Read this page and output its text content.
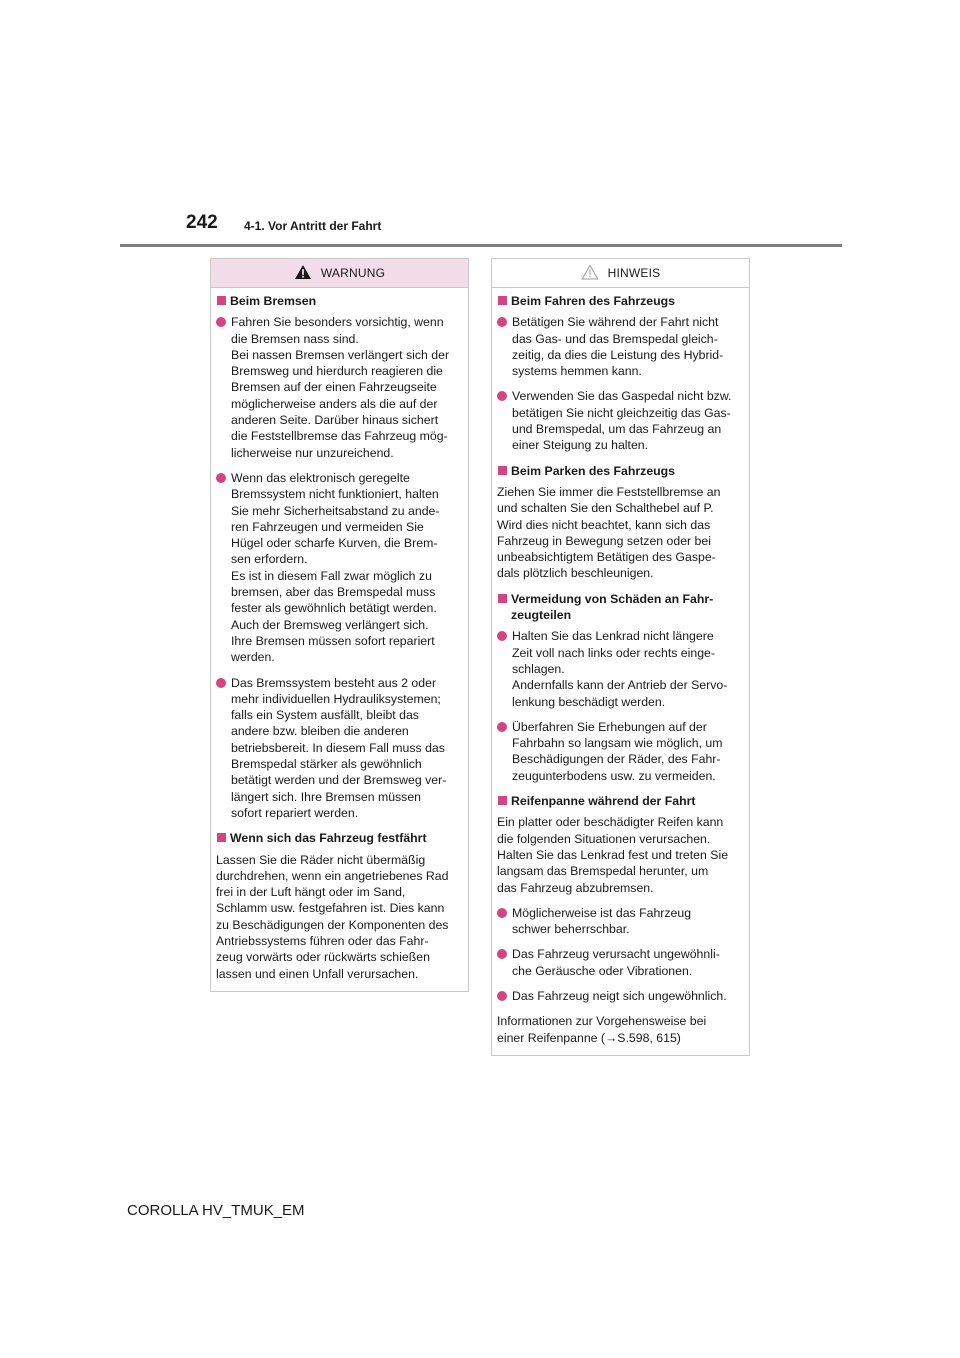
242 4-1. Vor Antritt der Fahrt
WARNUNG
Beim Bremsen
Fahren Sie besonders vorsichtig, wenn
die Bremsen nass sind.
Bei nassen Bremsen verlängert sich der
Bremsweg und hierdurch reagieren die
Bremsen auf der einen Fahrzeugseite
möglicherweise anders als die auf der
anderen Seite. Darüber hinaus sichert
die Feststellbremse das Fahrzeug mög-
licherweise nur unzureichend.
Wenn das elektronisch geregelte
Bremssystem nicht funktioniert, halten
Sie mehr Sicherheitsabstand zu ande-
ren Fahrzeugen und vermeiden Sie
Hügel oder scharfe Kurven, die Brem-
sen erfordern.
Es ist in diesem Fall zwar möglich zu
bremsen, aber das Bremspedal muss
fester als gewöhnlich betätigt werden.
Auch der Bremsweg verlängert sich.
Ihre Bremsen müssen sofort repariert
werden.
Das Bremssystem besteht aus 2 oder
mehr individuellen Hydrauliksystemen;
falls ein System ausfällt, bleibt das
andere bzw. bleiben die anderen
betriebsbereit. In diesem Fall muss das
Bremspedal stärker als gewöhnlich
betätigt werden und der Bremsweg ver-
längert sich. Ihre Bremsen müssen
sofort repariert werden.
Wenn sich das Fahrzeug festfährt
Lassen Sie die Räder nicht übermäßig
durchdrehen, wenn ein angetriebenes Rad
frei in der Luft hängt oder im Sand,
Schlamm usw. festgefahren ist. Dies kann
zu Beschädigungen der Komponenten des
Antriebssystems führen oder das Fahr-
zeug vorwärts oder rückwärts schießen
lassen und einen Unfall verursachen.
HINWEIS
Beim Fahren des Fahrzeugs
Betätigen Sie während der Fahrt nicht
das Gas- und das Bremspedal gleich-
zeitig, da dies die Leistung des Hybrid-
systems hemmen kann.
Verwenden Sie das Gaspedal nicht bzw.
betätigen Sie nicht gleichzeitig das Gas-
und Bremspedal, um das Fahrzeug an
einer Steigung zu halten.
Beim Parken des Fahrzeugs
Ziehen Sie immer die Feststellbremse an
und schalten Sie den Schalthebel auf P.
Wird dies nicht beachtet, kann sich das
Fahrzeug in Bewegung setzen oder bei
unbeabsichtigtem Betätigen des Gaspe-
dals plötzlich beschleunigen.
Vermeidung von Schäden an Fahr-
zeugteilen
Halten Sie das Lenkrad nicht längere
Zeit voll nach links oder rechts einge-
schlagen.
Andernfalls kann der Antrieb der Servo-
lenkung beschädigt werden.
Überfahren Sie Erhebungen auf der
Fahrbahn so langsam wie möglich, um
Beschädigungen der Räder, des Fahr-
zeugunterbodens usw. zu vermeiden.
Reifenpanne während der Fahrt
Ein platter oder beschädigter Reifen kann
die folgenden Situationen verursachen.
Halten Sie das Lenkrad fest und treten Sie
langsam das Bremspedal herunter, um
das Fahrzeug abzubremsen.
Möglicherweise ist das Fahrzeug
schwer beherrschbar.
Das Fahrzeug verursacht ungewöhnli-
che Geräusche oder Vibrationen.
Das Fahrzeug neigt sich ungewöhnlich.
Informationen zur Vorgehensweise bei
einer Reifenpanne (→S.598, 615)
COROLLA HV_TMUK_EM
